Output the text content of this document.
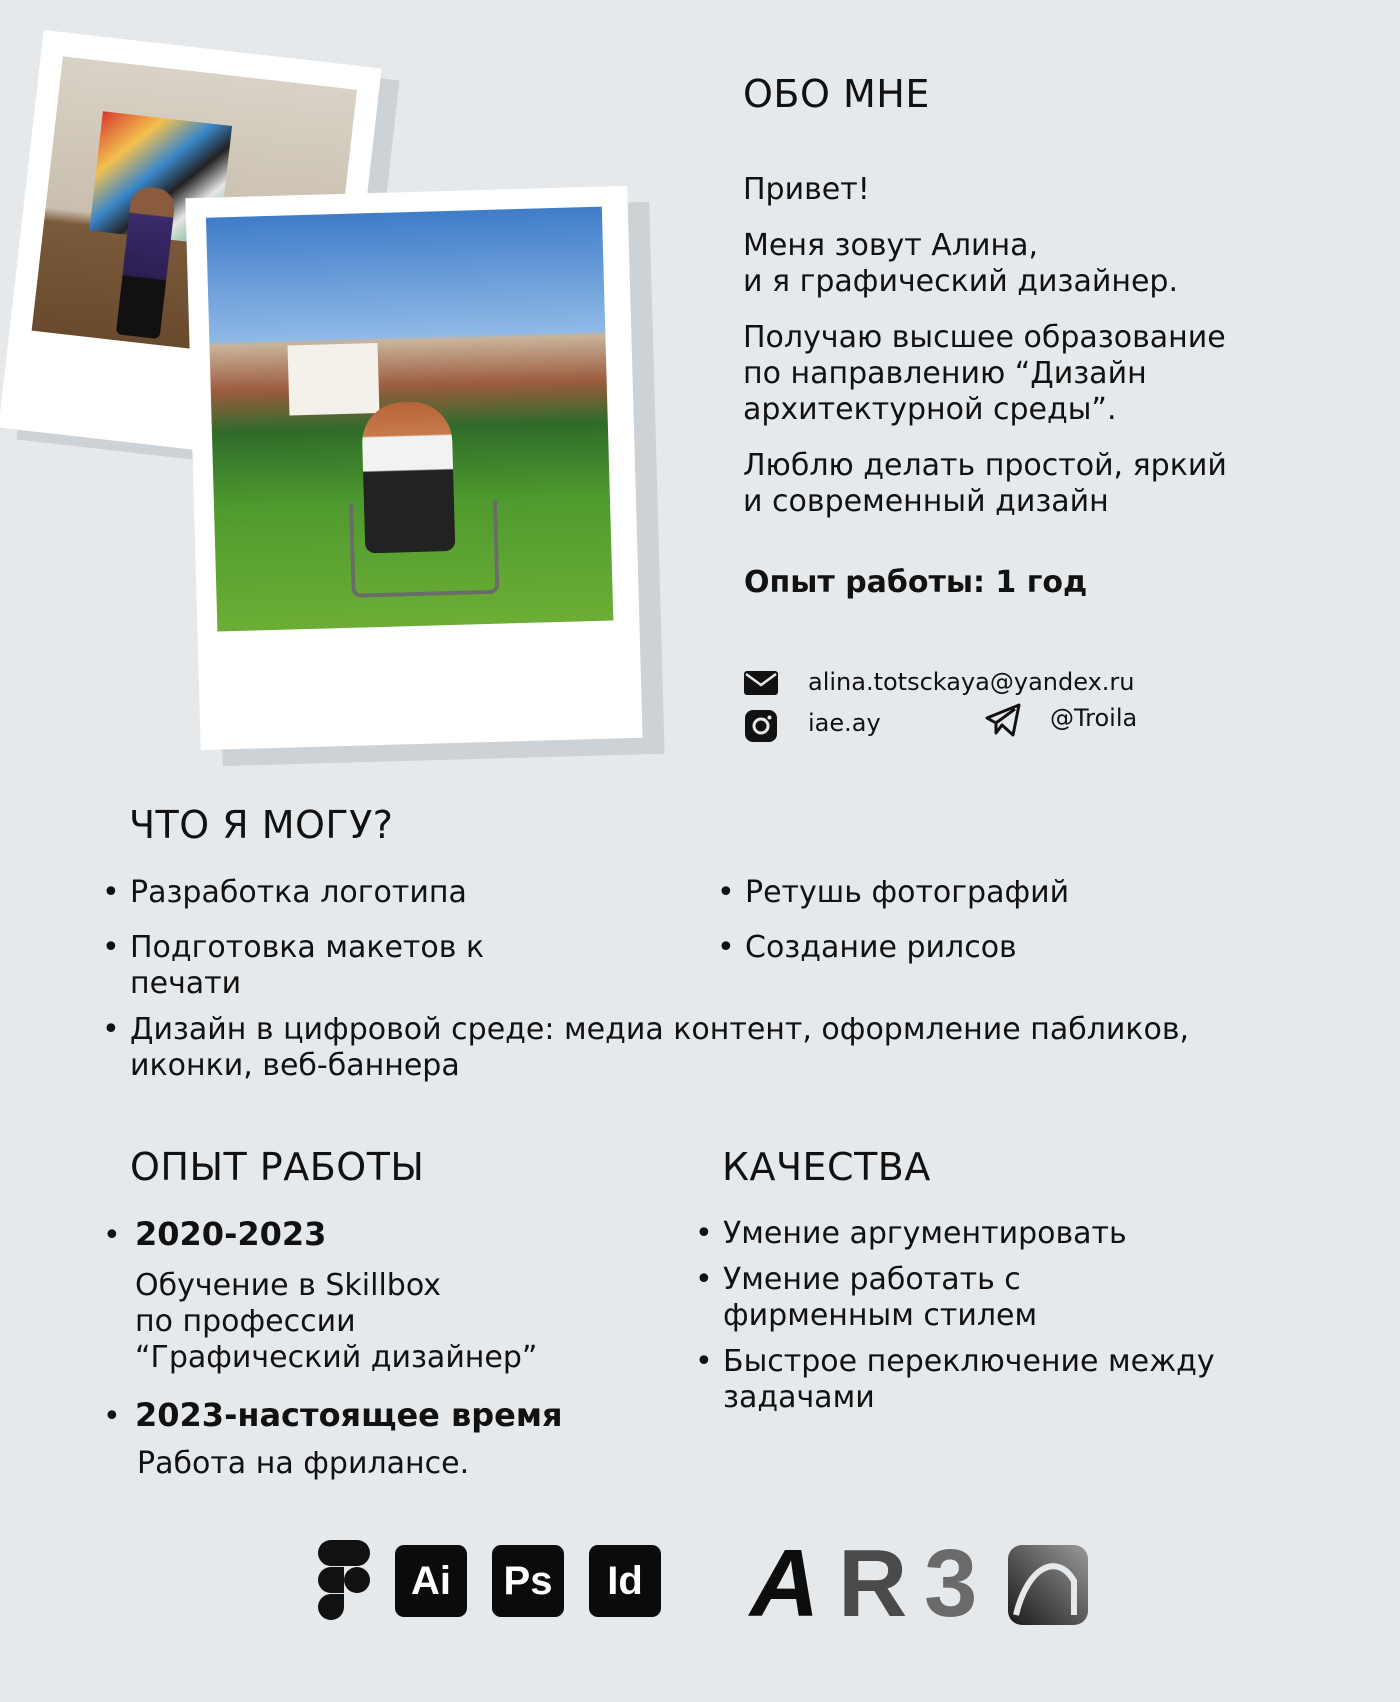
ОБО МНЕ
Привет!
Меня зовут Алина,
и я графический дизайнер.
Получаю высшее образование
по направлению “Дизайн
архитектурной среды”.
Люблю делать простой, яркий
и современный дизайн
Опыт работы: 1 год
alina.totsckaya@yandex.ru
iae.ay	@Troila
ЧТО Я МОГУ?
• Разработка логотипа
• Подготовка макетов к
печати
• Ретушь фотографий
• Создание рилсов
• Дизайн в цифровой среде: медиа контент, оформление пабликов,
иконки, веб-баннера
ОПЫТ РАБОТЫ
• 2020-2023
Обучение в Skillbox
по профессии
“Графический дизайнер”
• 2023-настоящее время
Работа на фрилансе.
КАЧЕСТВА
• Умение аргументировать
• Умение работать с
фирменным стилем
• Быстрое переключение между
задачами
Ai	Ps	Id A R 3
